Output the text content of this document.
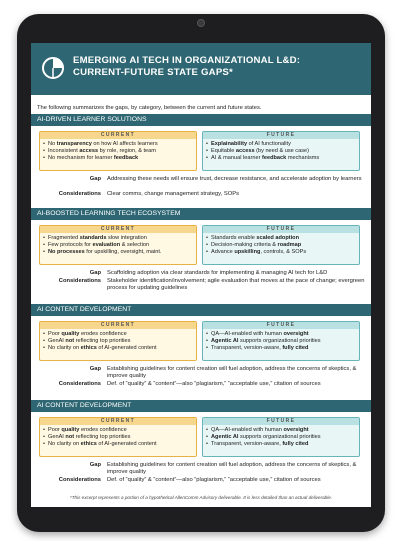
EMERGING AI TECH IN ORGANIZATIONAL L&D:
CURRENT-FUTURE STATE GAPS*
The following summarizes the gaps, by category, between the current and future states.
AI-DRIVEN LEARNER SOLUTIONS
CURRENT
• No transparency on how AI affects learners
• Inconsistent access by role, region, & team
• No mechanism for learner feedback
FUTURE
• Explainability of AI functionality
• Equitable access (by need & use case)
• AI & manual learner feedback mechanisms
Gap Addressing these needs will ensure trust, decrease resistance, and accelerate adoption by learners
Considerations Clear comms, change management strategy, SOPs
AI-BOOSTED LEARNING TECH ECOSYSTEM
CURRENT
• Fragmented standards slow integration
• Few protocols for evaluation & selection
• No processes for upskilling, oversight, maint.
FUTURE
• Standards enable scaled adoption
• Decision-making criteria & roadmap
• Advance upskilling, controls, & SOPs
Gap Scaffolding adoption via clear standards for implementing & managing AI tech for L&D
Considerations Stakeholder identification/involvement; agile evaluation that moves at the pace of change; evergreen process for updating guidelines
AI CONTENT DEVELOPMENT
CURRENT
• Poor quality erodes confidence
• GenAI not reflecting top priorities
• No clarity on ethics of AI-generated content
FUTURE
• QA—AI-enabled with human oversight
• Agentic AI supports organizational priorities
• Transparent, version-aware, fully cited
Gap Establishing guidelines for content creation will fuel adoption, address the concerns of skeptics, & improve quality
Considerations Def. of “quality” & “content”—also “plagiarism,” “acceptable use,” citation of sources
AI CONTENT DEVELOPMENT
CURRENT
• Poor quality erodes confidence
• GenAI not reflecting top priorities
• No clarity on ethics of AI-generated content
FUTURE
• QA—AI-enabled with human oversight
• Agentic AI supports organizational priorities
• Transparent, version-aware, fully cited
Gap Establishing guidelines for content creation will fuel adoption, address the concerns of skeptics, & improve quality
Considerations Def. of “quality” & “content”—also “plagiarism,” “acceptable use,” citation of sources
*This excerpt represents a portion of a hypothetical AllenComm Advisory deliverable. It is less detailed than an actual deliverable.
